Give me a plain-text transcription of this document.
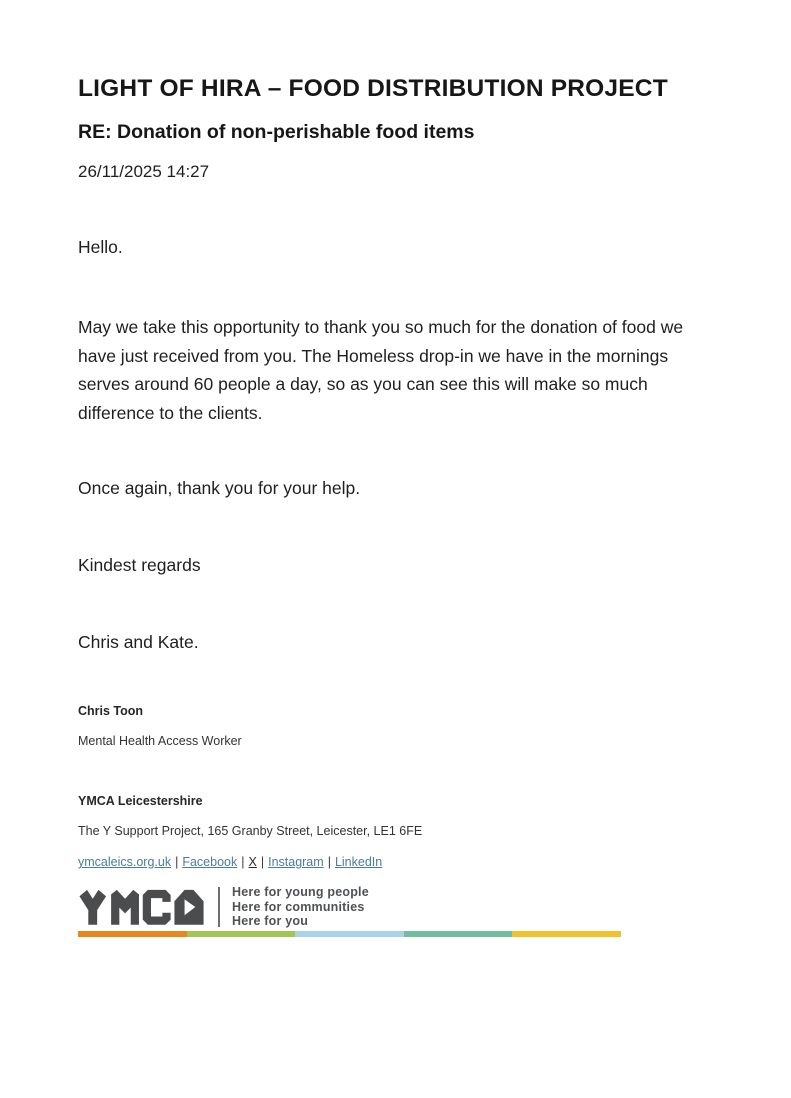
LIGHT OF HIRA – FOOD DISTRIBUTION PROJECT
RE: Donation of non-perishable food items
26/11/2025 14:27

Hello.

May we take this opportunity to thank you so much for the donation of food we have just received from you. The Homeless drop-in we have in the mornings serves around 60 people a day, so as you can see this will make so much difference to the clients.

Once again, thank you for your help.

Kindest regards

Chris and Kate.

Chris Toon
Mental Health Access Worker
YMCA Leicestershire
The Y Support Project, 165 Granby Street, Leicester, LE1 6FE
ymcaleics.org.uk | Facebook | X | Instagram | LinkedIn
Here for young people
Here for communities
Here for you
